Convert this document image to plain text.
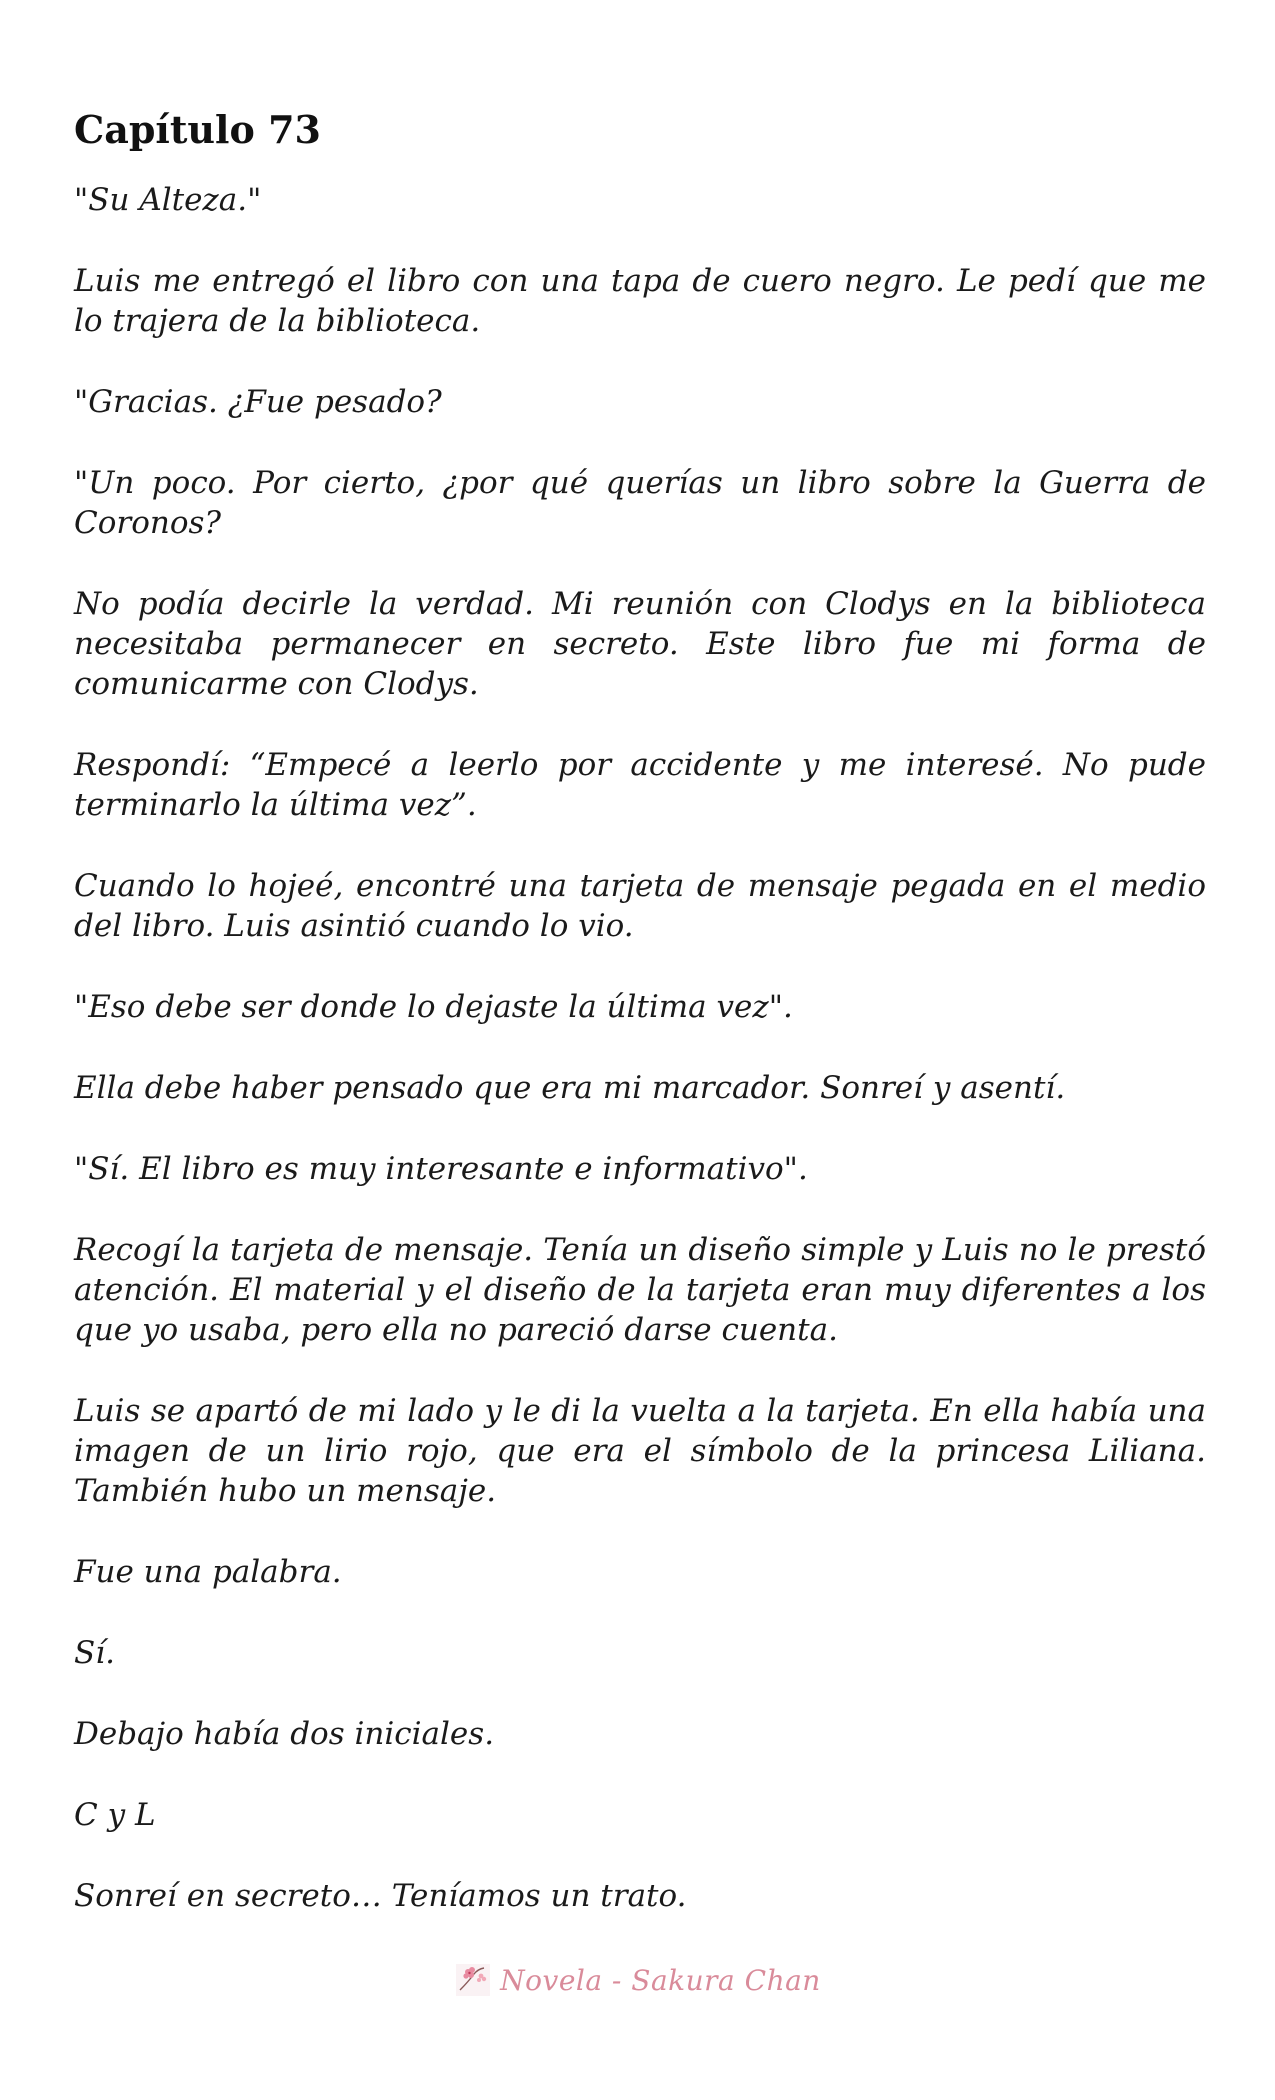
Capítulo 73

"Su Alteza."

Luis me entregó el libro con una tapa de cuero negro. Le pedí que me lo trajera de la biblioteca.

"Gracias. ¿Fue pesado?

"Un poco. Por cierto, ¿por qué querías un libro sobre la Guerra de Coronos?

No podía decirle la verdad. Mi reunión con Clodys en la biblioteca necesitaba permanecer en secreto. Este libro fue mi forma de comunicarme con Clodys.

Respondí: “Empecé a leerlo por accidente y me interesé. No pude terminarlo la última vez”.

Cuando lo hojeé, encontré una tarjeta de mensaje pegada en el medio del libro. Luis asintió cuando lo vio.

"Eso debe ser donde lo dejaste la última vez".

Ella debe haber pensado que era mi marcador. Sonreí y asentí.

"Sí. El libro es muy interesante e informativo".

Recogí la tarjeta de mensaje. Tenía un diseño simple y Luis no le prestó atención. El material y el diseño de la tarjeta eran muy diferentes a los que yo usaba, pero ella no pareció darse cuenta.

Luis se apartó de mi lado y le di la vuelta a la tarjeta. En ella había una imagen de un lirio rojo, que era el símbolo de la princesa Liliana. También hubo un mensaje.

Fue una palabra.

Sí.

Debajo había dos iniciales.

C y L

Sonreí en secreto… Teníamos un trato.

Novela - Sakura Chan
